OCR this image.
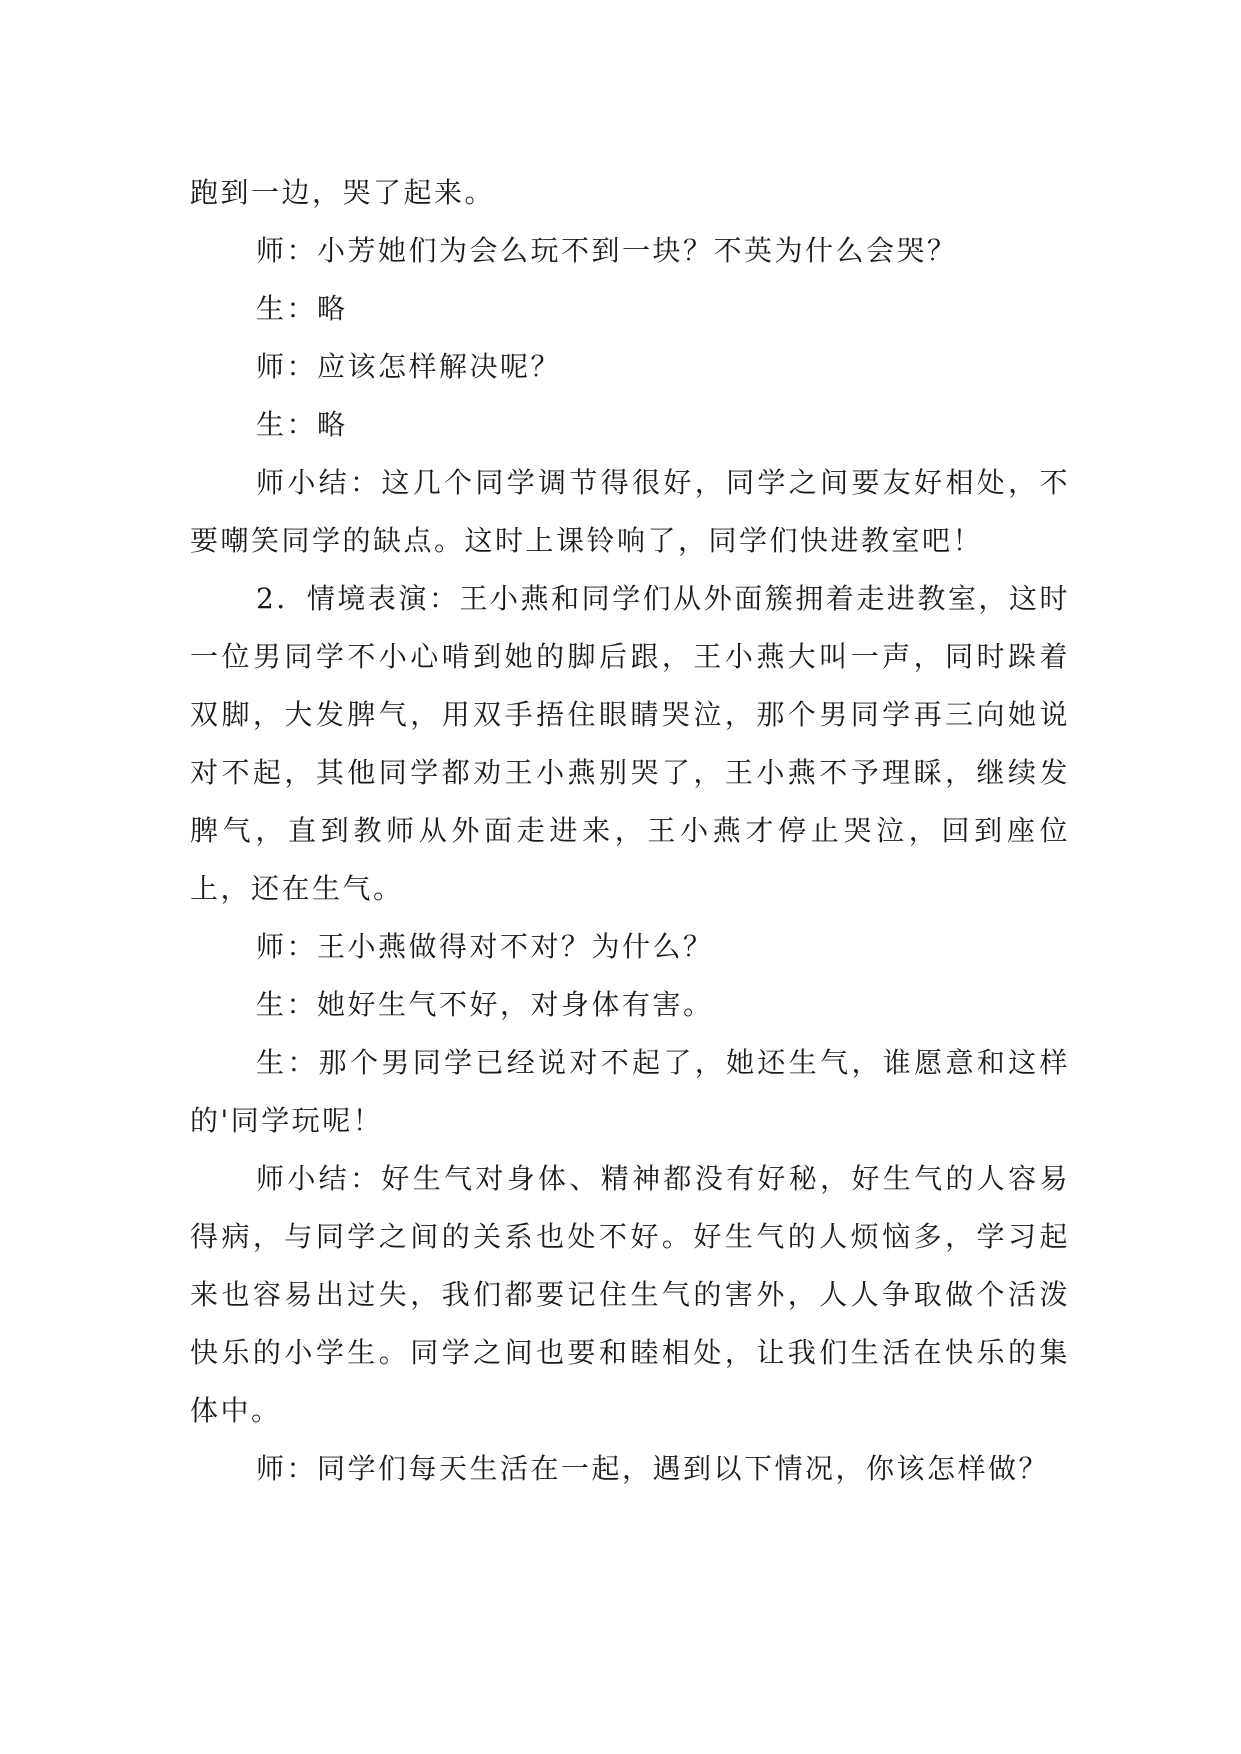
跑到一边，哭了起来。

师：小芳她们为会么玩不到一块？不英为什么会哭？

生：略

师：应该怎样解决呢？

生：略

师小结：这几个同学调节得很好，同学之间要友好相处，不要嘲笑同学的缺点。这时上课铃响了，同学们快进教室吧！

2．情境表演：王小燕和同学们从外面簇拥着走进教室，这时一位男同学不小心啃到她的脚后跟，王小燕大叫一声，同时跺着双脚，大发脾气，用双手捂住眼睛哭泣，那个男同学再三向她说对不起，其他同学都劝王小燕别哭了，王小燕不予理睬，继续发脾气，直到教师从外面走进来，王小燕才停止哭泣，回到座位上，还在生气。

师：王小燕做得对不对？为什么？

生：她好生气不好，对身体有害。

生：那个男同学已经说对不起了，她还生气，谁愿意和这样的'同学玩呢！

师小结：好生气对身体、精神都没有好秘，好生气的人容易得病，与同学之间的关系也处不好。好生气的人烦恼多，学习起来也容易出过失，我们都要记住生气的害外，人人争取做个活泼快乐的小学生。同学之间也要和睦相处，让我们生活在快乐的集体中。

师：同学们每天生活在一起，遇到以下情况，你该怎样做？
